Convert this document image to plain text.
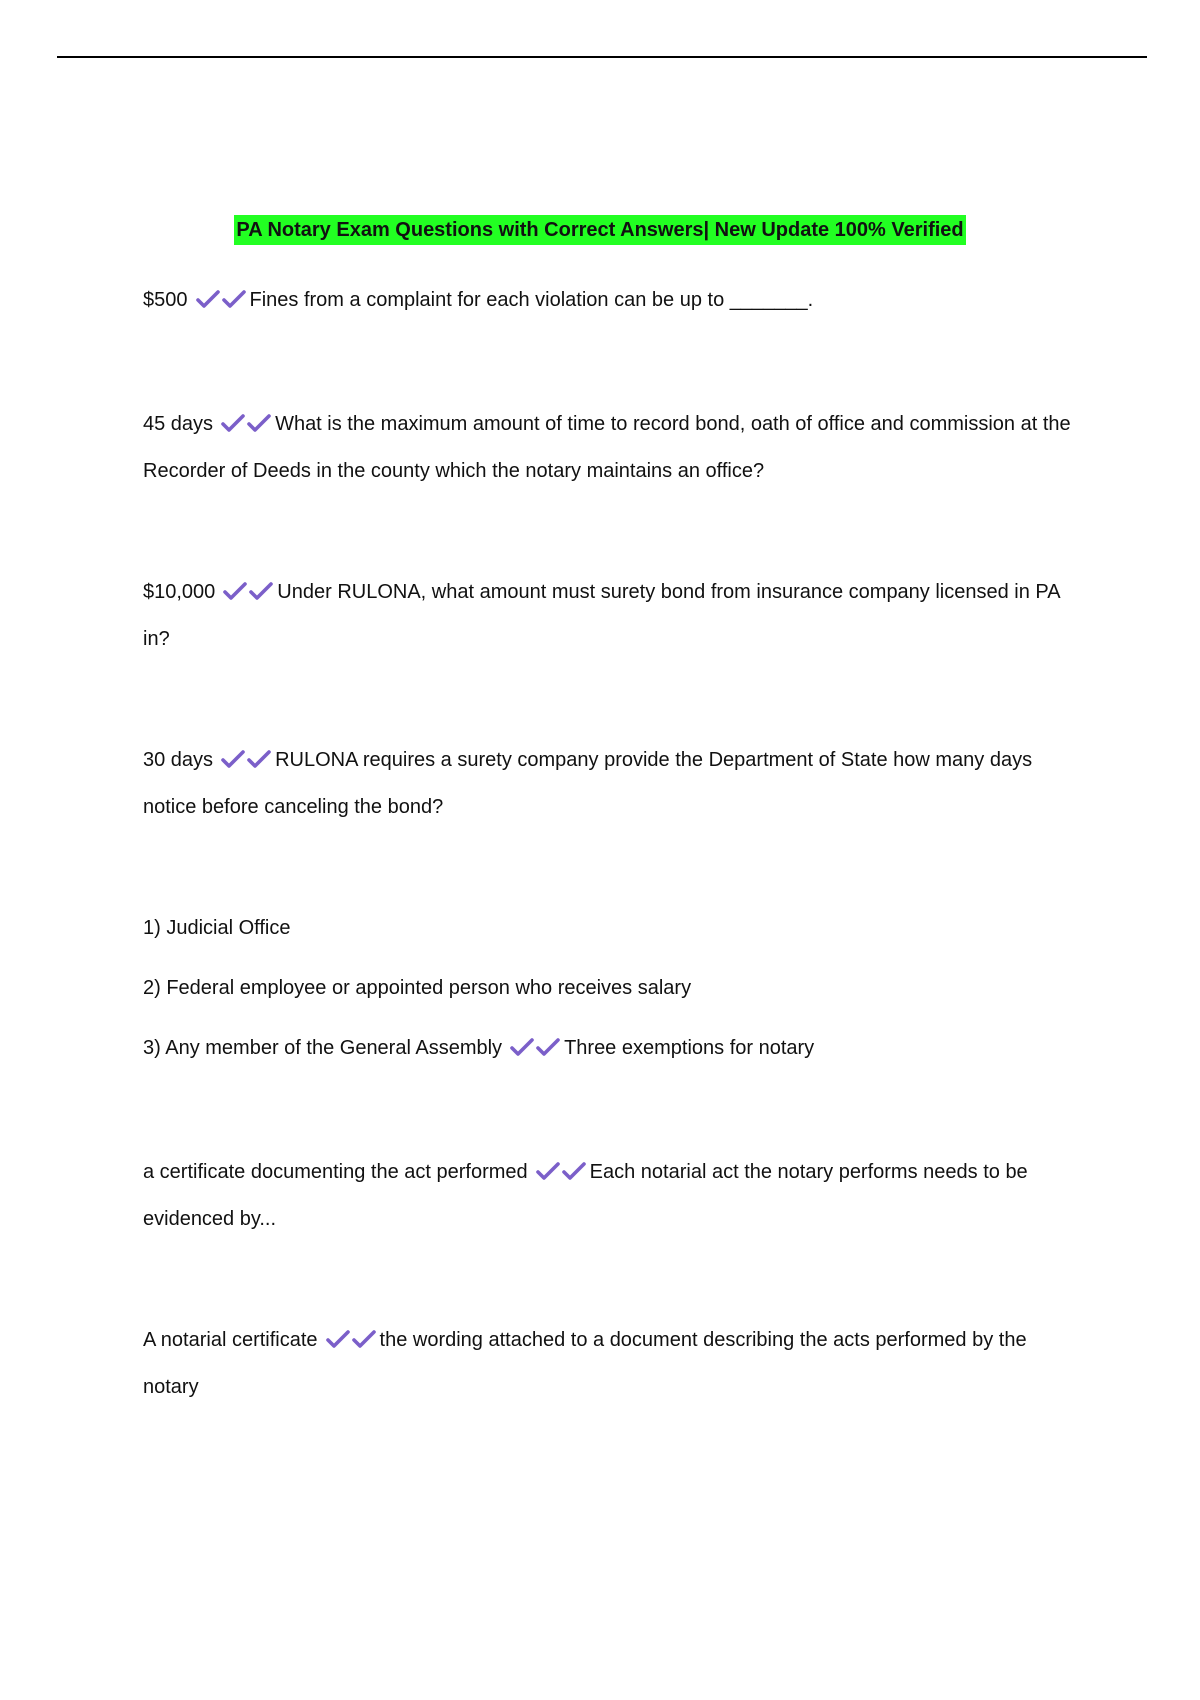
PA Notary Exam Questions with Correct Answers| New Update 100% Verified
$500	Fines from a complaint for each violation can be up to _______.
45 days	What is the maximum amount of time to record bond, oath of office and commission at the Recorder of Deeds in the county which the notary maintains an office?
$10,000	Under RULONA, what amount must surety bond from insurance company licensed in PA in?
30 days	RULONA requires a surety company provide the Department of State how many days notice before canceling the bond?
1) Judicial Office
2) Federal employee or appointed person who receives salary
3) Any member of the General Assembly	Three exemptions for notary
a certificate documenting the act performed	Each notarial act the notary performs needs to be evidenced by...
A notarial certificate	the wording attached to a document describing the acts performed by the notary
